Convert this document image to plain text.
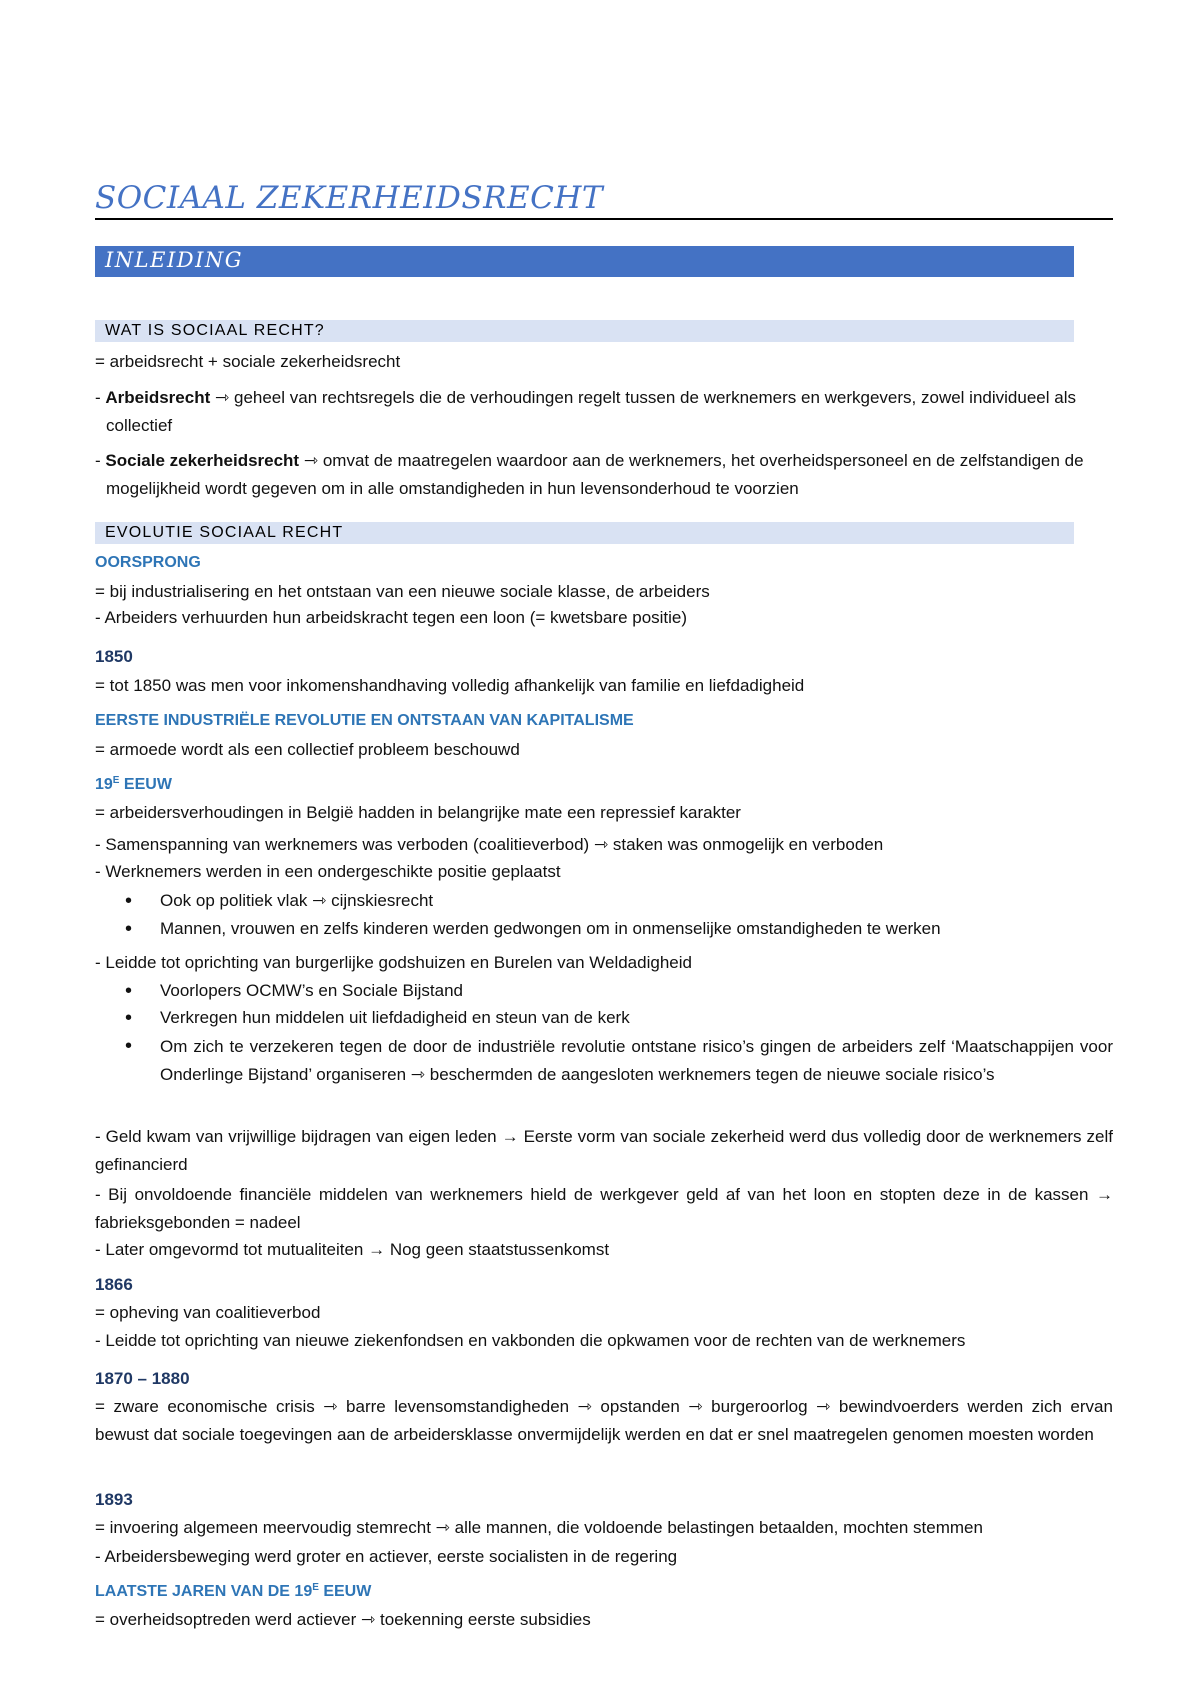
SOCIAAL ZEKERHEIDSRECHT
INLEIDING
WAT IS SOCIAAL RECHT?
= arbeidsrecht + sociale zekerheidsrecht
- Arbeidsrecht ⇾ geheel van rechtsregels die de verhoudingen regelt tussen de werknemers en werkgevers, zowel individueel als collectief
- Sociale zekerheidsrecht ⇾ omvat de maatregelen waardoor aan de werknemers, het overheidspersoneel en de zelfstandigen de mogelijkheid wordt gegeven om in alle omstandigheden in hun levensonderhoud te voorzien
EVOLUTIE SOCIAAL RECHT
OORSPRONG
= bij industrialisering en het ontstaan van een nieuwe sociale klasse, de arbeiders
- Arbeiders verhuurden hun arbeidskracht tegen een loon (= kwetsbare positie)
1850
= tot 1850 was men voor inkomenshandhaving volledig afhankelijk van familie en liefdadigheid
EERSTE INDUSTRIËLE REVOLUTIE EN ONTSTAAN VAN KAPITALISME
= armoede wordt als een collectief probleem beschouwd
$19^E$ EEUW
= arbeidersverhoudingen in België hadden in belangrijke mate een repressief karakter
- Samenspanning van werknemers was verboden (coalitieverbod) ⇾ staken was onmogelijk en verboden
- Werknemers werden in een ondergeschikte positie geplaatst
• Ook op politiek vlak ⇾ cijnskiesrecht
• Mannen, vrouwen en zelfs kinderen werden gedwongen om in onmenselijke omstandigheden te werken
- Leidde tot oprichting van burgerlijke godshuizen en Burelen van Weldadigheid
• Voorlopers OCMW’s en Sociale Bijstand
• Verkregen hun middelen uit liefdadigheid en steun van de kerk
• Om zich te verzekeren tegen de door de industriële revolutie ontstane risico’s gingen de arbeiders zelf ‘Maatschappijen voor Onderlinge Bijstand’ organiseren ⇾ beschermden de aangesloten werknemers tegen de nieuwe sociale risico’s
- Geld kwam van vrijwillige bijdragen van eigen leden → Eerste vorm van sociale zekerheid werd dus volledig door de werknemers zelf gefinancierd
- Bij onvoldoende financiële middelen van werknemers hield de werkgever geld af van het loon en stopten deze in de kassen → fabrieksgebonden = nadeel
- Later omgevormd tot mutualiteiten → Nog geen staatstussenkomst
1866
= opheving van coalitieverbod
- Leidde tot oprichting van nieuwe ziekenfondsen en vakbonden die opkwamen voor de rechten van de werknemers
1870 – 1880
= zware economische crisis ⇾ barre levensomstandigheden ⇾ opstanden ⇾ burgeroorlog ⇾ bewindvoerders werden zich ervan bewust dat sociale toegevingen aan de arbeidersklasse onvermijdelijk werden en dat er snel maatregelen genomen moesten worden
1893
= invoering algemeen meervoudig stemrecht ⇾ alle mannen, die voldoende belastingen betaalden, mochten stemmen
- Arbeidersbeweging werd groter en actiever, eerste socialisten in de regering
LAATSTE JAREN VAN DE $19^E$ EEUW
= overheidsoptreden werd actiever ⇾ toekenning eerste subsidies
